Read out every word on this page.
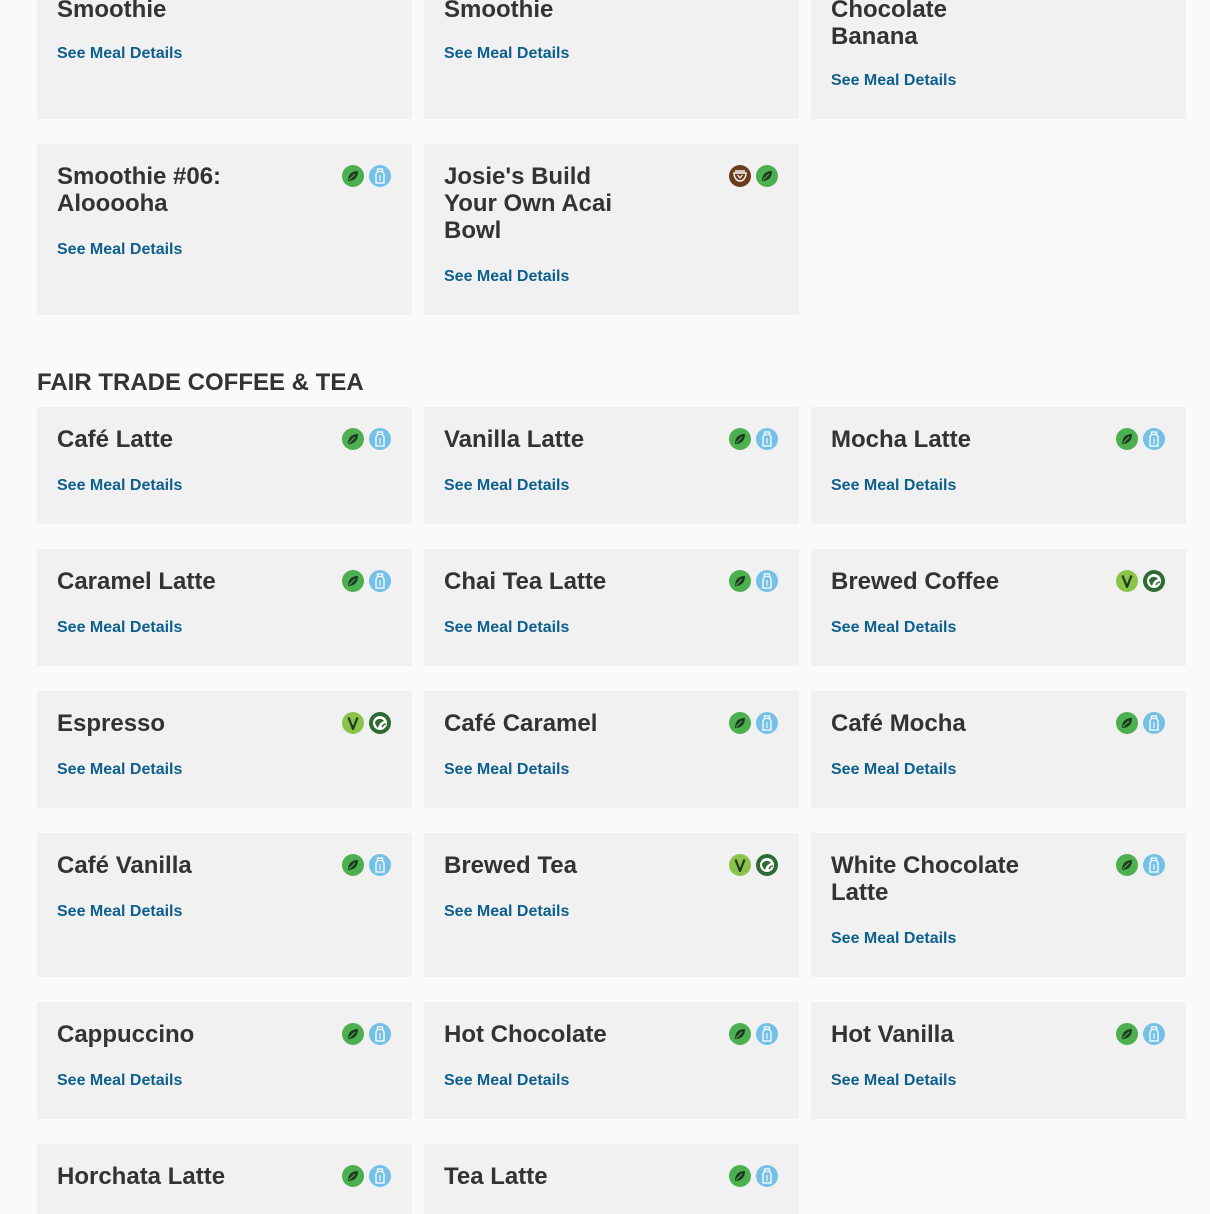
Smoothie
See Meal Details
Smoothie
See Meal Details
Chocolate Banana
See Meal Details
Smoothie #06: Alooooha
See Meal Details
Josie's Build Your Own Acai Bowl
See Meal Details
FAIR TRADE COFFEE & TEA
Café Latte
See Meal Details
Vanilla Latte
See Meal Details
Mocha Latte
See Meal Details
Caramel Latte
See Meal Details
Chai Tea Latte
See Meal Details
Brewed Coffee
See Meal Details
Espresso
See Meal Details
Café Caramel
See Meal Details
Café Mocha
See Meal Details
Café Vanilla
See Meal Details
Brewed Tea
See Meal Details
White Chocolate Latte
See Meal Details
Cappuccino
See Meal Details
Hot Chocolate
See Meal Details
Hot Vanilla
See Meal Details
Horchata Latte	Tea Latte
